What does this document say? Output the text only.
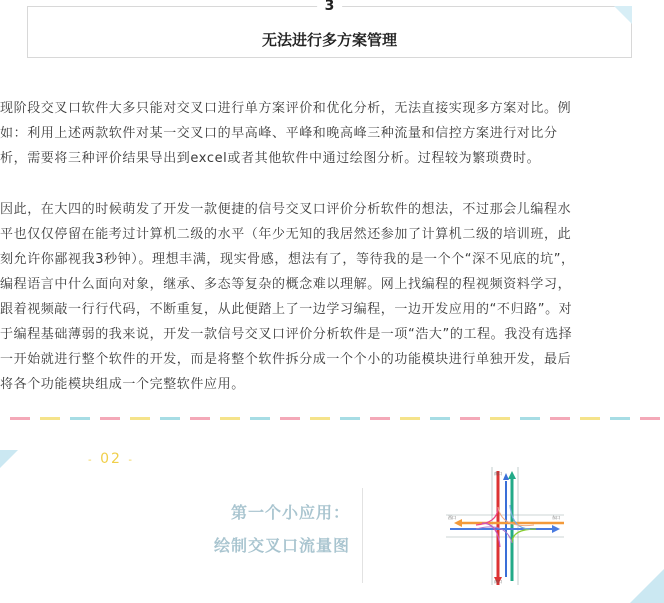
3
无法进行多方案管理
现阶段交叉口软件大多只能对交叉口进行单方案评价和优化分析，无法直接实现多方案对比。例
如：利用上述两款软件对某一交叉口的早高峰、平峰和晚高峰三种流量和信控方案进行对比分
析，需要将三种评价结果导出到excel或者其他软件中通过绘图分析。过程较为繁琐费时。
因此，在大四的时候萌发了开发一款便捷的信号交叉口评价分析软件的想法，不过那会儿编程水
平也仅仅停留在能考过计算机二级的水平（年少无知的我居然还参加了计算机二级的培训班，此
刻允许你鄙视我3秒钟）。理想丰满，现实骨感，想法有了，等待我的是一个个“深不见底的坑”，
编程语言中什么面向对象，继承、多态等复杂的概念难以理解。网上找编程的程视频资料学习，
跟着视频敲一行行代码，不断重复，从此便踏上了一边学习编程，一边开发应用的“不归路”。对
于编程基础薄弱的我来说，开发一款信号交叉口评价分析软件是一项“浩大”的工程。我没有选择
一开始就进行整个软件的开发，而是将整个软件拆分成一个个小的功能模块进行单独开发，最后
将各个功能模块组成一个完整软件应用。
- 02 -
第一个小应用：
绘制交叉口流量图
南口
南口
西口	东口
